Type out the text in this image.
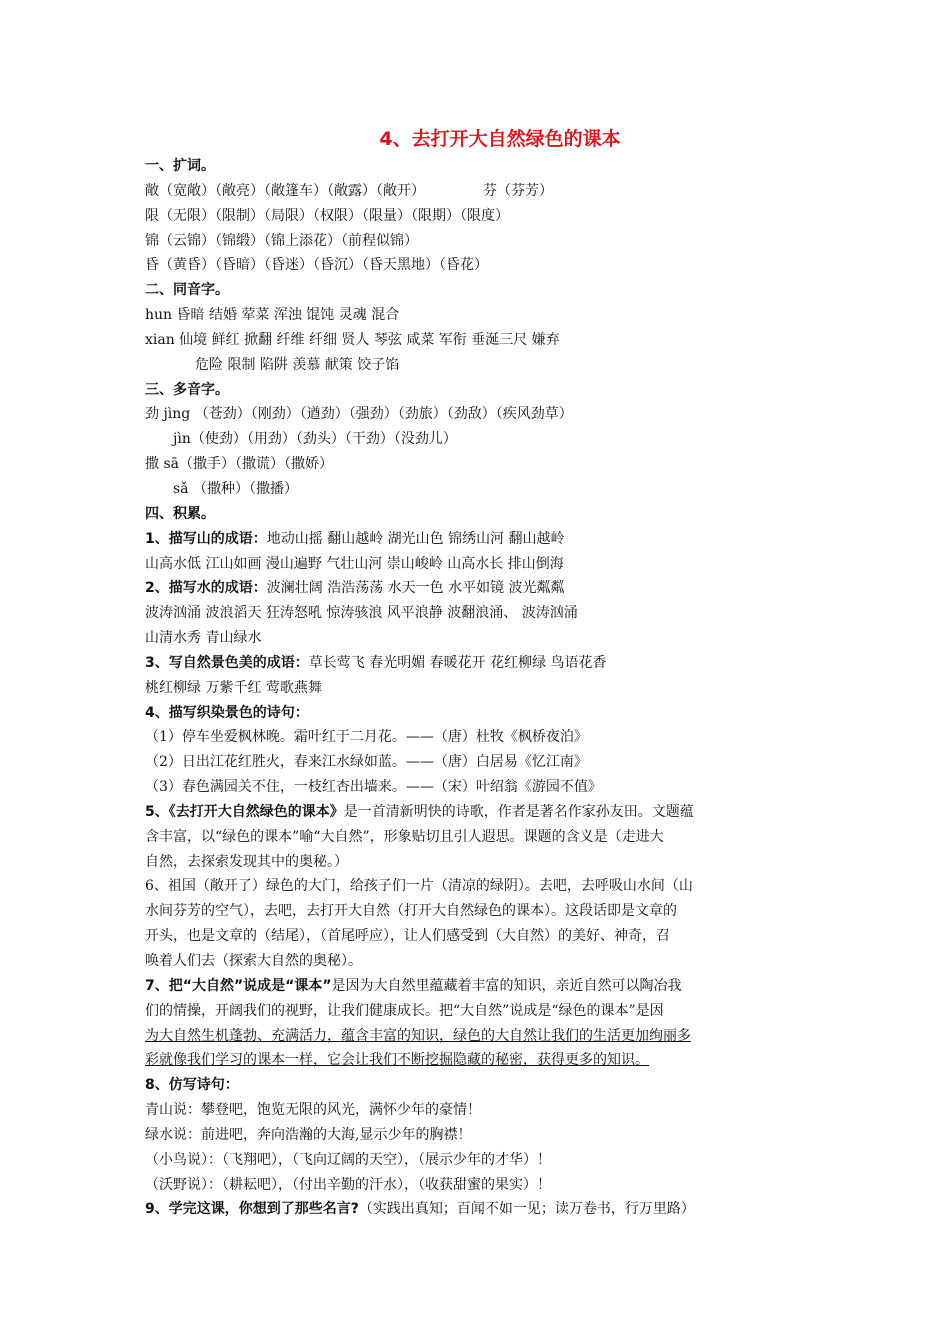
4、去打开大自然绿色的课本
一、扩词。
敞（宽敞）（敞亮）（敞篷车）（敞露）（敞开）	芬（芬芳）
限（无限）（限制）（局限）（权限）（限量）（限期）（限度）
锦（云锦）（锦缎）（锦上添花）（前程似锦）
昏（黄昏）（昏暗）（昏迷）（昏沉）（昏天黑地）（昏花）
二、同音字。
hun 昏暗 结婚 荤菜 浑浊 馄饨 灵魂 混合
xian 仙境 鲜红 掀翻 纤维 纤细 贤人 琴弦 咸菜 军衔 垂涎三尺 嫌弃
危险 限制 陷阱 羡慕 献策 饺子馅
三、多音字。
劲 jìng （苍劲）（刚劲）（遒劲）（强劲）（劲旅）（劲敌）（疾风劲草）
jìn（使劲）（用劲）（劲头）（干劲）（没劲儿）
撒 sā（撒手）（撒谎）（撒娇）
sǎ （撒种）（撒播）
四、积累。
1、描写山的成语：地动山摇 翻山越岭 湖光山色 锦绣山河 翻山越岭
山高水低 江山如画 漫山遍野 气壮山河 崇山峻岭 山高水长 排山倒海
2、描写水的成语：波澜壮阔 浩浩荡荡 水天一色 水平如镜 波光粼粼
波涛汹涌 波浪滔天 狂涛怒吼 惊涛骇浪 风平浪静 波翻浪涌、 波涛汹涌
山清水秀 青山绿水
3、写自然景色美的成语：草长莺飞 春光明媚 春暖花开 花红柳绿 鸟语花香
桃红柳绿 万紫千红 莺歌燕舞
4、描写织染景色的诗句：
（1）停车坐爱枫林晚。霜叶红于二月花。——（唐）杜牧《枫桥夜泊》
（2）日出江花红胜火，春来江水绿如蓝。——（唐）白居易《忆江南》
（3）春色满园关不住，一枝红杏出墙来。——（宋）叶绍翁《游园不值》
5、《去打开大自然绿色的课本》是一首清新明快的诗歌，作者是著名作家孙友田。文题蕴
含丰富，以“绿色的课本”喻“大自然”，形象贴切且引人遐思。课题的含义是（走进大
自然，去探索发现其中的奥秘。）
6、祖国（敞开了）绿色的大门，给孩子们一片（清凉的绿阴）。去吧，去呼吸山水间（山
水间芬芳的空气），去吧，去打开大自然（打开大自然绿色的课本）。这段话即是文章的
开头，也是文章的（结尾），（首尾呼应），让人们感受到（大自然）的美好、神奇，召
唤着人们去（探索大自然的奥秘）。
7、把“大自然”说成是“课本”是因为大自然里蕴藏着丰富的知识，亲近自然可以陶冶我
们的情操，开阔我们的视野，让我们健康成长。把“大自然”说成是“绿色的课本”是因
为大自然生机蓬勃、充满活力，蕴含丰富的知识，绿色的大自然让我们的生活更加绚丽多
彩就像我们学习的课本一样，它会让我们不断挖掘隐藏的秘密，获得更多的知识。
8、仿写诗句：
青山说：攀登吧，饱览无限的风光，满怀少年的豪情！
绿水说：前进吧，奔向浩瀚的大海,显示少年的胸襟！
（小鸟说）：（飞翔吧），（飞向辽阔的天空），（展示少年的才华）！
（沃野说）：（耕耘吧），（付出辛勤的汗水），（收获甜蜜的果实）！
9、学完这课，你想到了那些名言?（实践出真知；百闻不如一见；读万卷书，行万里路）
